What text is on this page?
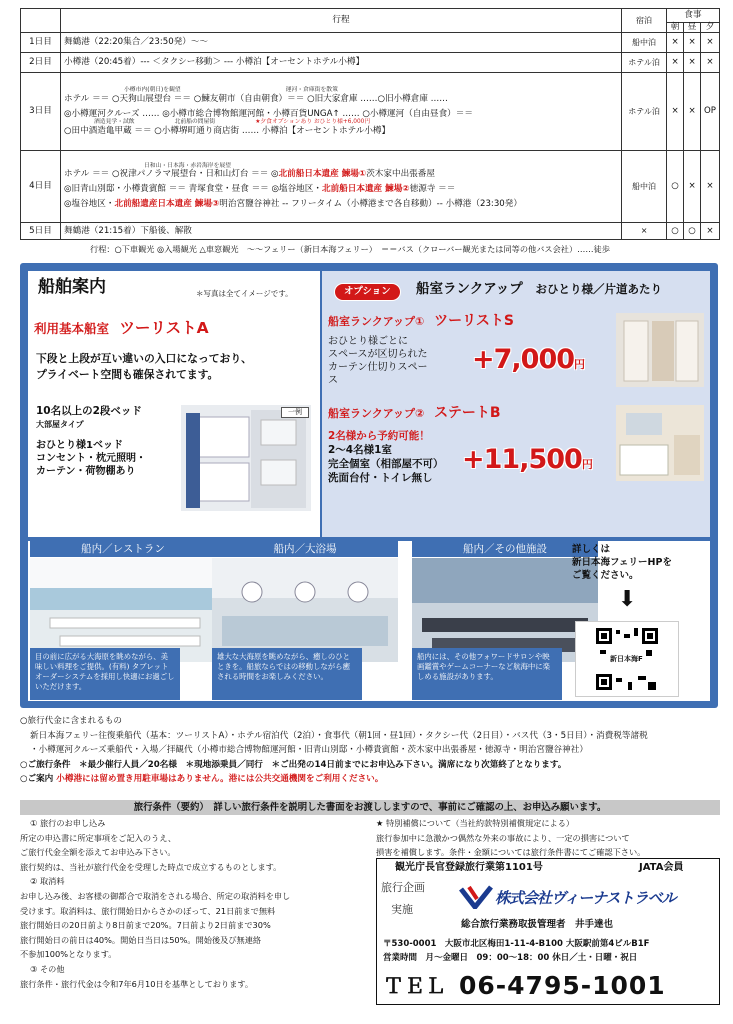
	行程	宿泊	食事		
			朝	昼	夕
1日目	舞鶴港（22:20集合／23:50発）～～	船中泊	×	×	×
2日目	小樽港（20:45着）--- ＜タクシー移動＞ --- 小樽泊【オーセントホテル小樽】	ホテル泊	×	×	×
3日目	小樽市内(朝日)を観望 運河・倉庫街を散策
ホテル ＝＝ ○天狗山展望台 ＝＝ ○鰊友朝市（自由朝食）＝＝ ○旧大家倉庫 ……○旧小樽倉庫 ……
◎小樽運河クルーズ …… ◎小樽市総合博物館運河館・小樽百貨UNGA↑ …… ○小樽運河（自由昼食）＝＝
酒造見学・試飲 北前船の問屋街 ★夕食オプションあり おひとり様+6,000円
○田中酒造亀甲蔵 ＝＝ ○小樽堺町通り商店街 …… 小樽泊【オーセントホテル小樽】	ホテル泊	×	×	OP
4日目	日和山・日本海・赤岩海岸を展望
ホテル ＝＝ ○祝津パノラマ展望台・日和山灯台 ＝＝ ◎北前船日本遺産 鰊場①茨木家中出張番屋
◎旧青山別邸・小樽貴賓館 ＝＝ 青塚食堂・昼食 ＝＝ ◎塩谷地区・北前船日本遺産 鰊場②徳源寺 ＝＝
◎塩谷地区・北前船遺産日本遺産 鰊場③明治宮鹽谷神社 -- フリータイム（小樽港まで各自移動）-- 小樽港（23:30発）	船中泊	○	×	×
5日目	舞鶴港（21:15着）下船後、解散	×	○	○	×
行程：○下車観光 ◎入場観光 △車窓観光　～～フェリー（新日本海フェリー）　＝＝バス（クローバー観光または同等の他バス会社）……徒歩
船舶案内	＊写真は全てイメージです。
利用基本船室 ツーリストA
下段と上段が互い違いの入口になっており、
プライベート空間も確保されてます。
10名以上の2段ベッド
大部屋タイプ
おひとり様1ベッド
コンセント・枕元照明・
カーテン・荷物棚あり
一例
オプション	船室ランクアップ おひとり様／片道あたり
船室ランクアップ① ツーリストS
おひとり様ごとに
スペースが区切られた
カーテン仕切りスペー
ス
+7,000円
船室ランクアップ② ステートB
2名様から予約可能！
2～4名様1室
完全個室（相部屋不可）
洗面台付・トイレ無し
+11,500円
船内／レストラン
目の前に広がる大海原を眺めながら、美味しい料理をご提供。(有料) タブレットオーダーシステムを採用し快適にお過ごしいただけます。
船内／大浴場
雄大な大海原を眺めながら、癒しのひとときを。船旅ならではの移動しながら癒される時間をお楽しみください。
船内／その他施設
船内には、その他フォワードサロンや映画鑑賞やゲームコーナーなど航海中に楽しめる施設があります。
詳しくは
新日本海フェリーHPを
ご覧ください。
⬇
新日本海F
○旅行代金に含まれるもの
新日本海フェリー往復乗船代（基本：ツーリストA）・ホテル宿泊代（2泊）・食事代（朝1回・昼1回）・タクシー代（2日目）・バス代（3・5日目）・消費税等諸税
・小樽運河クルーズ乗船代・入場／拝観代（小樽市総合博物館運河館・旧青山別邸・小樽貴賓館・茨木家中出張番屋・徳源寺・明治宮鹽谷神社）
○ご旅行条件　＊最少催行人員／20名様　＊現地添乗員／同行　＊ご出発の14日前までにお申込み下さい。満席になり次第終了となります。
○ご案内 小樽港には留め置き用駐車場はありません。港には公共交通機関をご利用ください。
旅行条件（要約）　詳しい旅行条件を説明した書面をお渡ししますので、事前にご確認の上、お申込み願います。
① 旅行のお申し込み
所定の申込書に所定事項をご記入のうえ、
ご旅行代金全額を添えてお申込み下さい。
旅行契約は、当社が旅行代金を受理した時点で成立するものとします。
② 取消料
お申し込み後、お客様の御都合で取消をされる場合、所定の取消料を申し
受けます。取消料は、旅行開始日からさかのぼって、21日前まで無料
旅行開始日の20日前より8日前まで20%。7日前より2日前まで30%
旅行開始日の前日は40%。開始日当日は50%。開始後及び無連絡
不参加100%となります。
③ その他
旅行条件・旅行代金は令和7年6月10日を基準としております。
★ 特別補償について（当社約款特別補償規定による）
旅行参加中に急激かつ偶然な外来の事故により、一定の損害について
損害を補償します。条件・金額については旅行条件書にてご確認下さい。
観光庁長官登録旅行業第1101号	JATA会員
旅行企画
実施
株式会社ヴィーナストラベル
総合旅行業務取扱管理者　井手達也
〒530-0001　大阪市北区梅田1-11-4-B100 大阪駅前第4ビルB1F
営業時間　月～金曜日　09：00～18：00 休日／土・日曜・祝日
ＴＥＬ 06-4795-1001
